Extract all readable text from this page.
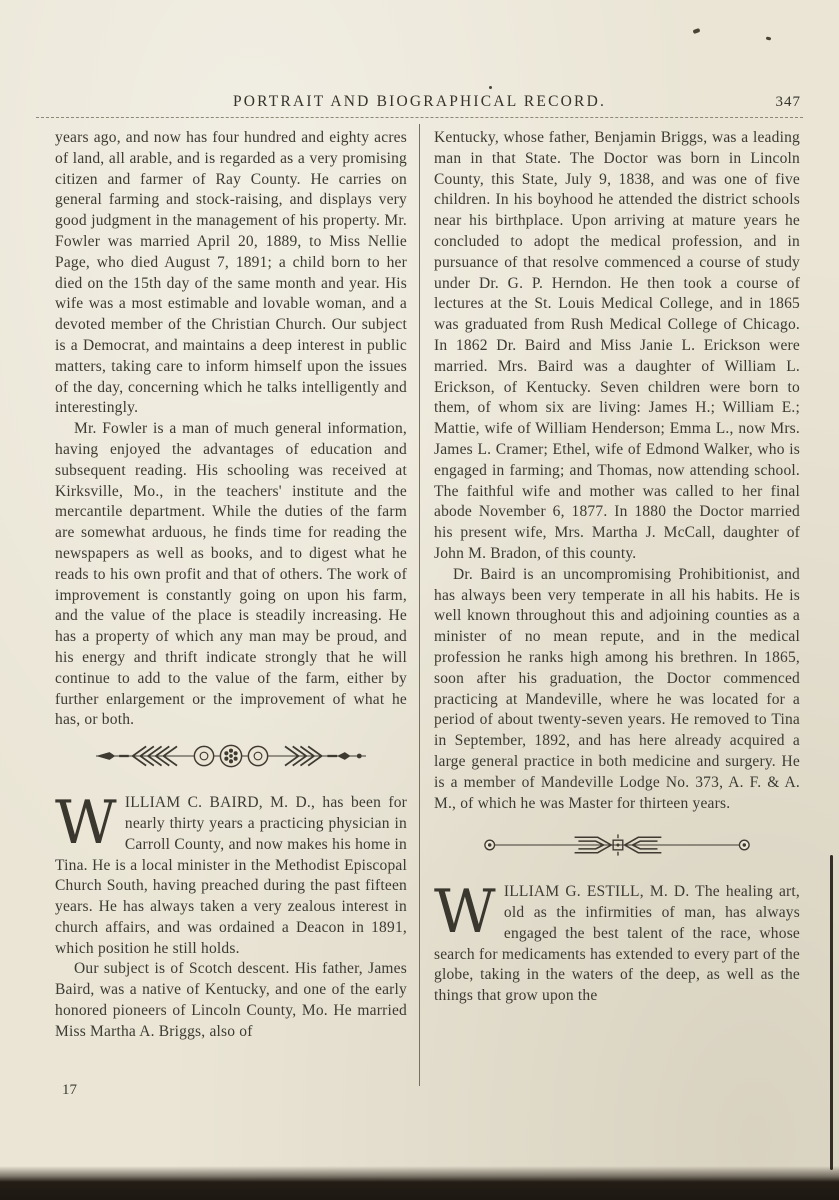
PORTRAIT AND BIOGRAPHICAL RECORD.	347

years ago, and now has four hundred and eighty acres of land, all arable, and is regarded as a very promising citizen and farmer of Ray County. He carries on general farming and stock-raising, and displays very good judgment in the management of his property. Mr. Fowler was married April 20, 1889, to Miss Nellie Page, who died August 7, 1891; a child born to her died on the 15th day of the same month and year. His wife was a most estimable and lovable woman, and a devoted member of the Christian Church. Our subject is a Democrat, and maintains a deep interest in public matters, taking care to inform himself upon the issues of the day, concerning which he talks intelligently and interestingly.

Mr. Fowler is a man of much general information, having enjoyed the advantages of education and subsequent reading. His schooling was received at Kirksville, Mo., in the teachers' institute and the mercantile department. While the duties of the farm are somewhat arduous, he finds time for reading the newspapers as well as books, and to digest what he reads to his own profit and that of others. The work of improvement is constantly going on upon his farm, and the value of the place is steadily increasing. He has a property of which any man may be proud, and his energy and thrift indicate strongly that he will continue to add to the value of the farm, either by further enlargement or the improvement of what he has, or both.

WILLIAM C. BAIRD, M. D., has been for nearly thirty years a practicing physician in Carroll County, and now makes his home in Tina. He is a local minister in the Methodist Episcopal Church South, having preached during the past fifteen years. He has always taken a very zealous interest in church affairs, and was ordained a Deacon in 1891, which position he still holds.

Our subject is of Scotch descent. His father, James Baird, was a native of Kentucky, and one of the early honored pioneers of Lincoln County, Mo. He married Miss Martha A. Briggs, also of

Kentucky, whose father, Benjamin Briggs, was a leading man in that State. The Doctor was born in Lincoln County, this State, July 9, 1838, and was one of five children. In his boyhood he attended the district schools near his birthplace. Upon arriving at mature years he concluded to adopt the medical profession, and in pursuance of that resolve commenced a course of study under Dr. G. P. Herndon. He then took a course of lectures at the St. Louis Medical College, and in 1865 was graduated from Rush Medical College of Chicago. In 1862 Dr. Baird and Miss Janie L. Erickson were married. Mrs. Baird was a daughter of William L. Erickson, of Kentucky. Seven children were born to them, of whom six are living: James H.; William E.; Mattie, wife of William Henderson; Emma L., now Mrs. James L. Cramer; Ethel, wife of Edmond Walker, who is engaged in farming; and Thomas, now attending school. The faithful wife and mother was called to her final abode November 6, 1877. In 1880 the Doctor married his present wife, Mrs. Martha J. McCall, daughter of John M. Bradon, of this county.

Dr. Baird is an uncompromising Prohibitionist, and has always been very temperate in all his habits. He is well known throughout this and adjoining counties as a minister of no mean repute, and in the medical profession he ranks high among his brethren. In 1865, soon after his graduation, the Doctor commenced practicing at Mandeville, where he was located for a period of about twenty-seven years. He removed to Tina in September, 1892, and has here already acquired a large general practice in both medicine and surgery. He is a member of Mandeville Lodge No. 373, A. F. & A. M., of which he was Master for thirteen years.

WILLIAM G. ESTILL, M. D. The healing art, old as the infirmities of man, has always engaged the best talent of the race, whose search for medicaments has extended to every part of the globe, taking in the waters of the deep, as well as the things that grow upon the

17
